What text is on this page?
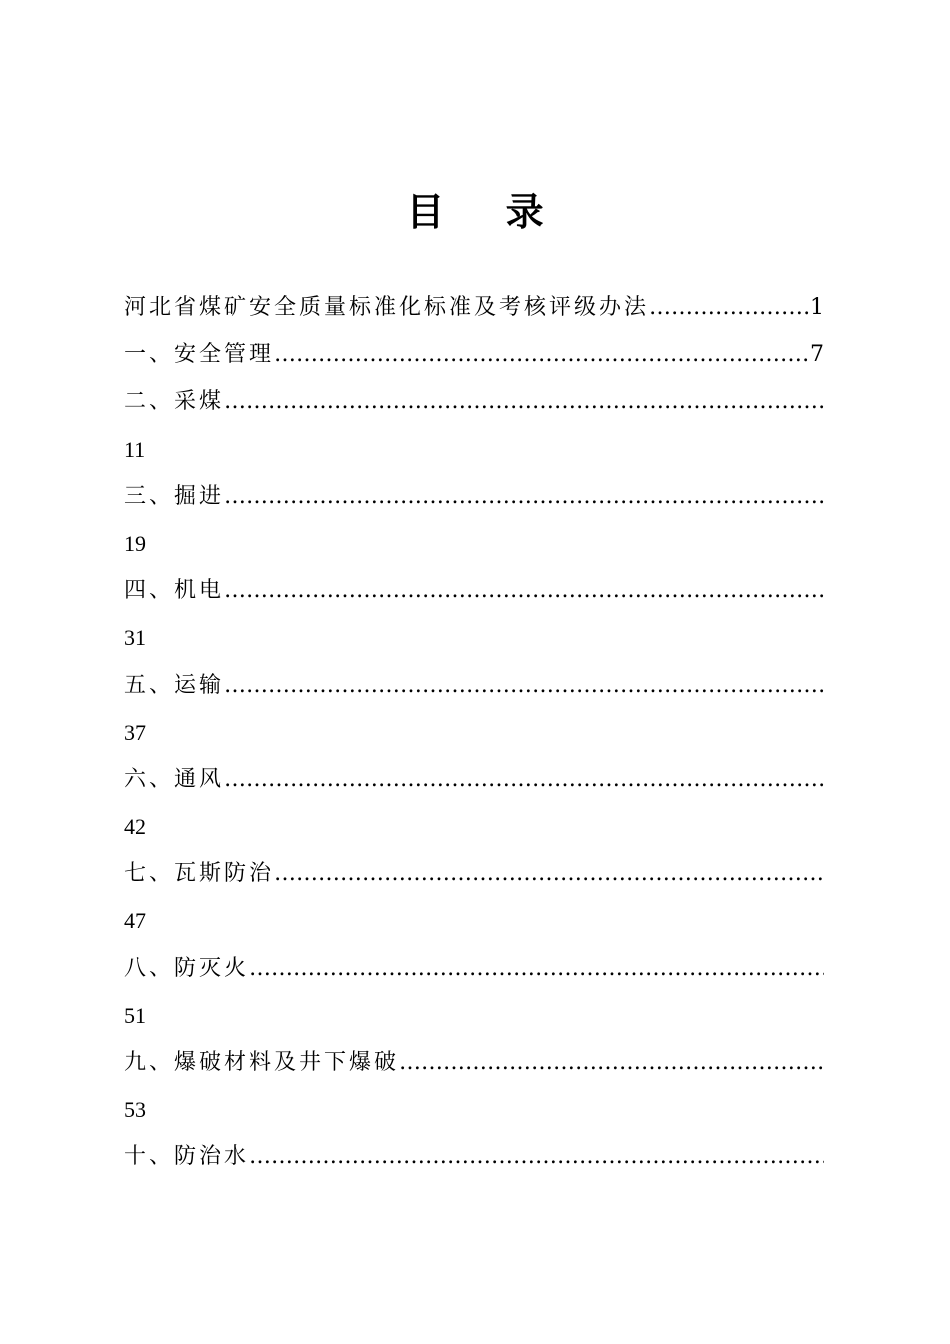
目 录
河北省煤矿安全质量标准化标准及考核评级办法 …………………………………………………………………………………………………………………………………………………………………………	1
一、安全管理 …………………………………………………………………………………………………………………………………………………………………………	7
二、采煤
…………………………………………………………………………………………………………………………………………………………………………
11
三、掘进
…………………………………………………………………………………………………………………………………………………………………………
19
四、机电
…………………………………………………………………………………………………………………………………………………………………………
31
五、运输
…………………………………………………………………………………………………………………………………………………………………………
37
六、通风
…………………………………………………………………………………………………………………………………………………………………………
42
七、瓦斯防治
…………………………………………………………………………………………………………………………………………………………………………
47
八、防灭火
…………………………………………………………………………………………………………………………………………………………………………
51
九、爆破材料及井下爆破
…………………………………………………………………………………………………………………………………………………………………………
53
十、防治水
…………………………………………………………………………………………………………………………………………………………………………
